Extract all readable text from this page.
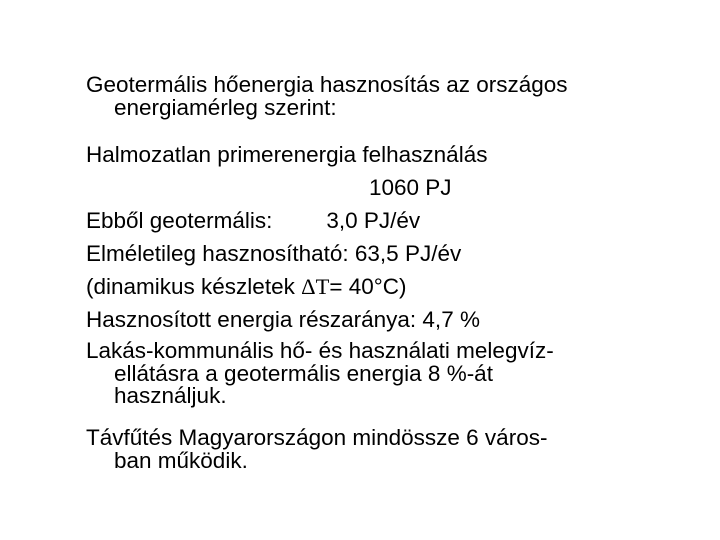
Geotermális hőenergia hasznosítás az országos
energiamérleg szerint:
Halmozatlan primerenergia felhasználás
1060 PJ
Ebből geotermális: 3,0 PJ/év
Elméletileg hasznosítható: 63,5 PJ/év
(dinamikus készletek ΔT= 40°C)
Hasznosított energia részaránya: 4,7 %
Lakás-kommunális hő- és használati melegvíz-
ellátásra a geotermális energia 8 %-át
használjuk.
Távfűtés Magyarországon mindössze 6 város-
ban működik.
